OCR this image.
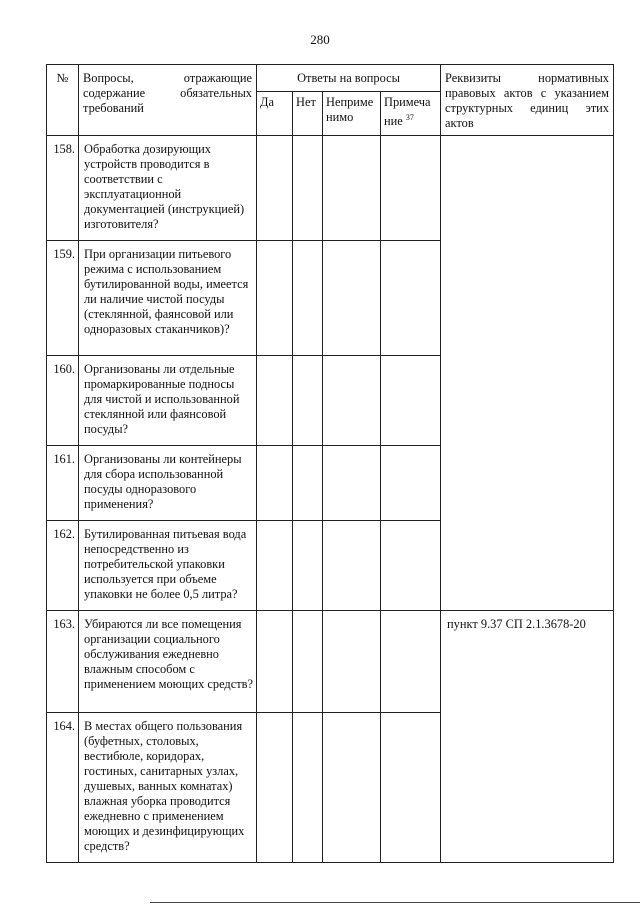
280
№	Вопросы, отражающие
содержание обязательных
требований	Ответы на вопросы				Реквизиты нормативных
правовых актов с указанием
структурных единиц этих
актов

		Да	Нет	Неприме
нимо	Примеча
ние $^{37}$
158.	Обработка дозирующих устройств проводится в соответствии с эксплуатационной документацией (инструкцией) изготовителя?					
159.	При организации питьевого режима с использованием бутилированной воды, имеется ли наличие чистой посуды (стеклянной, фаянсовой или одноразовых стаканчиков)?					
160.	Организованы ли отдельные промаркированные подносы для чистой и использованной стеклянной или фаянсовой посуды?					
161.	Организованы ли контейнеры для сбора использованной посуды одноразового применения?					
162.	Бутилированная питьевая вода непосредственно из потребительской упаковки используется при объеме упаковки не более 0,5 литра?					
163.	Убираются ли все помещения организации социального обслуживания ежедневно влажным способом с применением моющих средств?					пункт 9.37 СП 2.1.3678-20
164.	В местах общего пользования (буфетных, столовых, вестибюле, коридорах, гостиных, санитарных узлах, душевых, ванных комнатах) влажная уборка проводится ежедневно с применением моющих и дезинфицирующих средств?					
